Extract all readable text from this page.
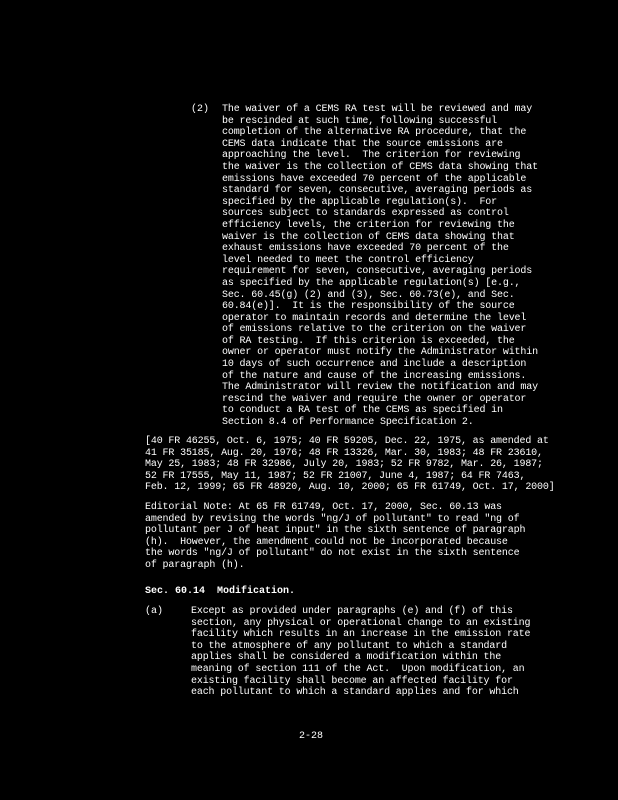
(2) The waiver of a CEMS RA test will be reviewed and may
be rescinded at such time, following successful
completion of the alternative RA procedure, that the
CEMS data indicate that the source emissions are
approaching the level.  The criterion for reviewing
the waiver is the collection of CEMS data showing that
emissions have exceeded 70 percent of the applicable
standard for seven, consecutive, averaging periods as
specified by the applicable regulation(s).  For
sources subject to standards expressed as control
efficiency levels, the criterion for reviewing the
waiver is the collection of CEMS data showing that
exhaust emissions have exceeded 70 percent of the
level needed to meet the control efficiency
requirement for seven, consecutive, averaging periods
as specified by the applicable regulation(s) [e.g.,
Sec. 60.45(g) (2) and (3), Sec. 60.73(e), and Sec.
60.84(e)].  It is the responsibility of the source
operator to maintain records and determine the level
of emissions relative to the criterion on the waiver
of RA testing.  If this criterion is exceeded, the
owner or operator must notify the Administrator within
10 days of such occurrence and include a description
of the nature and cause of the increasing emissions.
The Administrator will review the notification and may
rescind the waiver and require the owner or operator
to conduct a RA test of the CEMS as specified in
Section 8.4 of Performance Specification 2.
[40 FR 46255, Oct. 6, 1975; 40 FR 59205, Dec. 22, 1975, as amended at
41 FR 35185, Aug. 20, 1976; 48 FR 13326, Mar. 30, 1983; 48 FR 23610,
May 25, 1983; 48 FR 32986, July 20, 1983; 52 FR 9782, Mar. 26, 1987;
52 FR 17555, May 11, 1987; 52 FR 21007, June 4, 1987; 64 FR 7463,
Feb. 12, 1999; 65 FR 48920, Aug. 10, 2000; 65 FR 61749, Oct. 17, 2000]
Editorial Note: At 65 FR 61749, Oct. 17, 2000, Sec. 60.13 was
amended by revising the words "ng/J of pollutant" to read "ng of
pollutant per J of heat input" in the sixth sentence of paragraph
(h).  However, the amendment could not be incorporated because
the words "ng/J of pollutant" do not exist in the sixth sentence
of paragraph (h).
Sec. 60.14  Modification.
(a)	Except as provided under paragraphs (e) and (f) of this
section, any physical or operational change to an existing
facility which results in an increase in the emission rate
to the atmosphere of any pollutant to which a standard
applies shall be considered a modification within the
meaning of section 111 of the Act.  Upon modification, an
existing facility shall become an affected facility for
each pollutant to which a standard applies and for which
2-28
